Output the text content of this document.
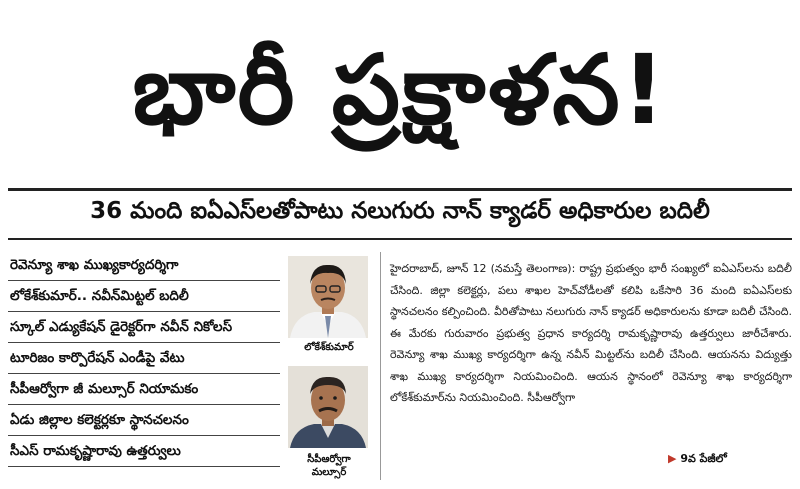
భారీ ప్రక్షాళన!
36 మంది ఐఏఎస్‌లతోపాటు నలుగురు నాన్ క్యాడర్ అధికారుల బదిలీ
రెవెన్యూ శాఖ ముఖ్యకార్యదర్శిగా
లోకేశ్‌కుమార్.. నవీన్‌మిట్టల్ బదిలీ
స్కూల్ ఎడ్యుకేషన్ డైరెక్టర్‌గా నవీన్ నికోలస్
టూరిజం కార్పొరేషన్ ఎండీపై వేటు
సీపీఆర్వోగా జీ మల్సూర్ నియామకం
ఏడు జిల్లాల కలెక్టర్లకూ స్థానచలనం
సీఎస్ రామకృష్ణారావు ఉత్తర్వులు
లోకేశ్‌కుమార్
సీపీఆర్వోగా
మల్సూర్

హైదరాబాద్, జూన్ 12 (నమస్తే తెలంగాణ): రాష్ట్ర ప్రభుత్వం భారీ సంఖ్యలో ఐఏఎస్‌లను బదిలీ చేసింది. జిల్లా కలెక్టర్లు, పలు శాఖల హెచ్‌వోడీలతో కలిపి ఒకేసారి 36 మంది ఐఏఎస్‌లకు స్థానచలనం కల్పించింది. వీరితోపాటు నలుగురు నాన్ క్యాడర్ అధికారులను కూడా బదిలీ చేసింది. ఈ మేరకు గురువారం ప్రభుత్వ ప్రధాన కార్యదర్శి రామకృష్ణారావు ఉత్తర్వులు జారీచేశారు. రెవెన్యూ శాఖ ముఖ్య కార్యదర్శిగా ఉన్న నవీన్ మిట్టల్‌ను బదిలీ చేసింది. ఆయనను విద్యుత్తు శాఖ ముఖ్య కార్యదర్శిగా నియమించింది. ఆయన స్థానంలో రెవెన్యూ శాఖ కార్యదర్శిగా లోకేశ్‌కుమార్‌ను నియమించింది. సీపీఆర్వోగా

▶ 9వ పేజీలో
